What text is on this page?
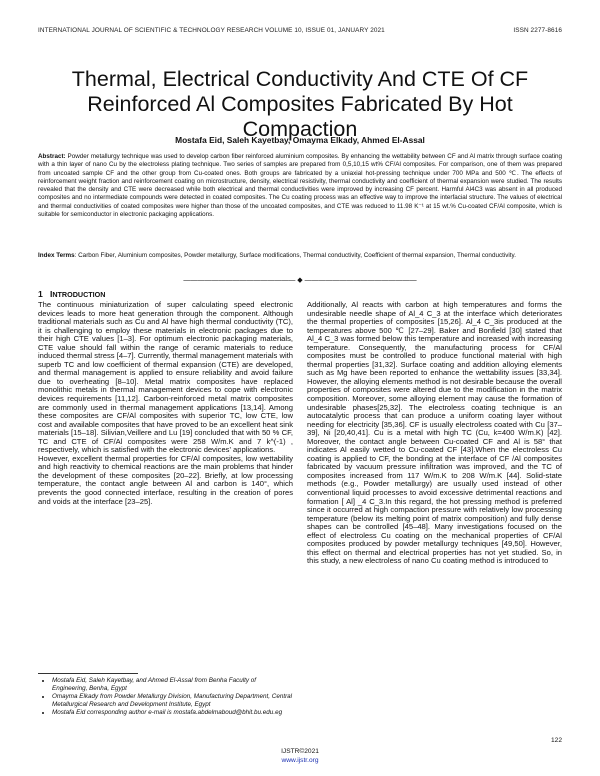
INTERNATIONAL JOURNAL OF SCIENTIFIC & TECHNOLOGY RESEARCH VOLUME 10, ISSUE 01, JANUARY 2021	ISSN 2277-8616
Thermal, Electrical Conductivity And CTE Of CF Reinforced Al Composites Fabricated By Hot Compaction
Mostafa Eid, Saleh Kayetbay, Omayma Elkady, Ahmed El-Assal
Abstract: Powder metallurgy technique was used to develop carbon fiber reinforced aluminium composites. By enhancing the wettability between CF and Al matrix through surface coating with a thin layer of nano Cu by the electroless plating technique. Two series of samples are prepared from 0,5,10,15 wt% CF/Al composites. For comparison, one of them was prepared from uncoated sample CF and the other group from Cu-coated ones. Both groups are fabricated by a uniaxial hot-pressing technique under 700 MPa and 500 ℃. The effects of reinforcement weight fraction and reinforcement coating on microstructure, density, electrical resistivity, thermal conductivity and coefficient of thermal expansion were studied. The results revealed that the density and CTE were decreased while both electrical and thermal conductivities were improved by increasing CF percent. Harmful Al4C3 was absent in all produced composites and no intermediate compounds were detected in coated composites. The Cu coating process was an effective way to improve the interfacial structure. The values of electrical and thermal conductivities of coated composites were higher than those of the uncoated composites, and CTE was reduced to 11.98 K⁻¹ at 15 wt.% Cu-coated CF/Al composite, which is suitable for semiconductor in electronic packaging applications.
Index Terms: Carbon Fiber, Aluminium composites, Powder metallurgy, Surface modifications, Thermal conductivity, Coefficient of thermal expansion, Thermal conductivity.
———————————————— ◆ ————————————————
1 INTRODUCTION

The continuous miniaturization of super calculating speed electronic devices leads to more heat generation through the component. Although traditional materials such as Cu and Al have high thermal conductivity (TC), it is challenging to employ these materials in electronic packages due to their high CTE values [1–3]. For optimum electronic packaging materials, CTE value should fall within the range of ceramic materials to reduce induced thermal stress [4–7]. Currently, thermal management materials with superb TC and low coefficient of thermal expansion (CTE) are developed, and thermal management is applied to ensure reliability and avoid failure due to overheating [8–10]. Metal matrix composites have replaced monolithic metals in thermal management devices to cope with electronic devices requirements [11,12]. Carbon-reinforced metal matrix composites are commonly used in thermal management applications [13,14]. Among these composites are CF/Al composites with superior TC, low CTE, low cost and available composites that have proved to be an excellent heat sink materials [15–18]. Silivian,Veillere and Lu [19] concluded that with 50 % CF, TC and CTE of CF/Al composites were 258 W/m.K and 7 k^(-1) , respectively, which is satisfied with the electronic devices' applications.

However, excellent thermal properties for CF/Al composites, low wettability and high reactivity to chemical reactions are the main problems that hinder the development of these composites [20–22]. Briefly, at low processing temperature, the contact angle between Al and carbon is 140°, which prevents the good connected interface, resulting in the creation of pores and voids at the interface [23–25].

Additionally, Al reacts with carbon at high temperatures and forms the undesirable needle shape of Al_4 C_3 at the interface which deteriorates the thermal properties of composites [15,26]. Al_4 C_3is produced at the temperatures above 500 ℃ [27–29]. Baker and Bonfield [30] stated that Al_4 C_3 was formed below this temperature and increased with increasing temperature. Consequently, the manufacturing process for CF/Al composites must be controlled to produce functional material with high thermal properties [31,32]. Surface coating and addition alloying elements such as Mg have been reported to enhance the wettability issues [33,34]. However, the alloying elements method is not desirable because the overall properties of composites were altered due to the modification in the matrix composition. Moreover, some alloying element may cause the formation of undesirable phases[25,32]. The electroless coating technique is an autocatalytic process that can produce a uniform coating layer without needing for electricity [35,36]. CF is usually electroless coated with Cu [37–39], Ni [20,40,41]. Cu is a metal with high TC (Cu, k=400 W/m.K) [42]. Moreover, the contact angle between Cu-coated CF and Al is 58° that indicates Al easily wetted to Cu-coated CF [43].When the electroless Cu coating is applied to CF, the bonding at the interface of CF /Al composites fabricated by vacuum pressure infiltration was improved, and the TC of composites increased from 117 W/m.K to 208 W/m.K [44]. Solid-state methods (e.g., Powder metallurgy) are usually used instead of other conventional liquid processes to avoid excessive detrimental reactions and formation [ Al] _4 C_3.In this regard, the hot pressing method is preferred since it occurred at high compaction pressure with relatively low processing temperature (below its melting point of matrix composition) and fully dense shapes can be controlled [45–48]. Many investigations focused on the effect of electroless Cu coating on the mechanical properties of CF/Al composites produced by powder metallurgy techniques [49,50]. However, this effect on thermal and electrical properties has not yet studied. So, in this study, a new electroless of nano Cu coating method is introduced to

• Mostafa Eid, Saleh Kayetbay, and Ahmed El-Assal from Benha Faculty of Engineering, Benha, Egypt
• Omayma Elkady from Powder Metallurgy Division, Manufacturing Department, Central Metallurgical Research and Development Institute, Egypt
• Mostafa Eid corresponding author e-mail is mostafa.abdelmaboud@bhit.bu.edu.eg
122
IJSTR©2021
www.ijstr.org
